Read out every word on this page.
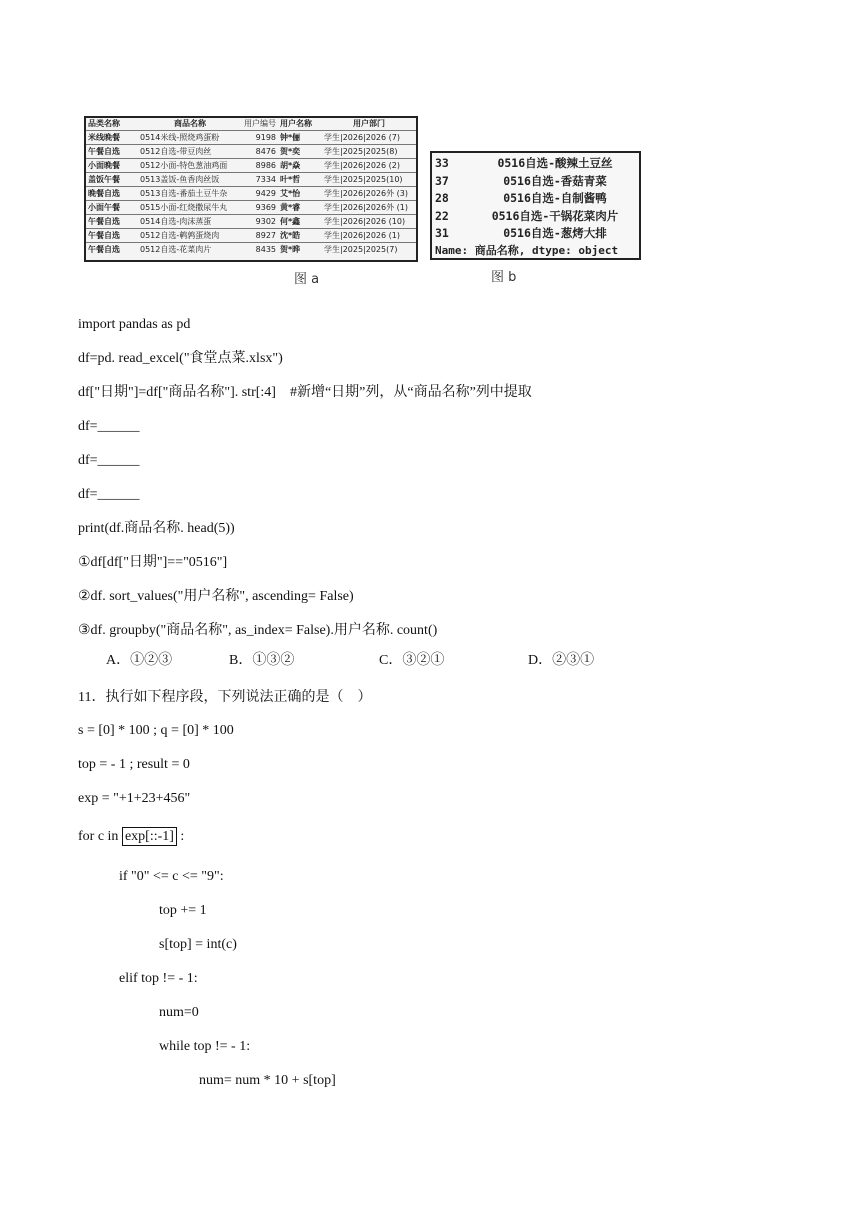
品类名称	商品名称	用户编号	用户名称	用户部门
米线晚餐	0514米线-照烧鸡蛋粉	9198	钟*俪	学生|2026|2026 (7)
午餐自选	0512自选-带豆肉丝	8476	贺*奕	学生|2025|2025(8)
小面晚餐	0512小面-特色葱油鸡面	8986	胡*焱	学生|2026|2026 (2)
盖饭午餐	0513盖饭-鱼香肉丝饭	7334	叶*哲	学生|2025|2025(10)
晚餐自选	0513自选-番茄土豆牛杂	9429	艾*怡	学生|2026|2026外 (3)
小面午餐	0515小面-红烧撒尿牛丸	9369	黄*睿	学生|2026|2026外 (1)
午餐自选	0514自选-肉沫蒸蛋	9302	何*鑫	学生|2026|2026 (10)
午餐自选	0512自选-鹌鹑蛋烧肉	8927	沈*皓	学生|2026|2026 (1)
午餐自选	0512自选-花菜肉片	8435	贺*晔	学生|2025|2025(7)
图 a
33	0516自选-酸辣土豆丝
37	0516自选-香菇青菜
28	0516自选-自制酱鸭
22	0516自选-干锅花菜肉片
31	0516自选-葱烤大排
Name: 商品名称, dtype: object
图 b
import pandas as pd
df=pd. read_excel("食堂点菜.xlsx")
df["日期"]=df["商品名称"]. str[:4]    #新增“日期”列，从“商品名称”列中提取
df=______
df=______
df=______
print(df.商品名称. head(5))
①df[df["日期"]=="0516"]
②df. sort_values("用户名称", ascending= False)
③df. groupby("商品名称", as_index= False).用户名称. count()
A．①②③	B．①③②	C．③②①	D．②③①
11．执行如下程序段，下列说法正确的是（    ）
s = [0] * 100 ; q = [0] * 100
top = - 1 ; result = 0
exp = "+1+23+456"
for c in exp[::-1] :
if "0" <= c <= "9":
top += 1
s[top] = int(c)
elif top != - 1:
num=0
while top != - 1:
num= num * 10 + s[top]
